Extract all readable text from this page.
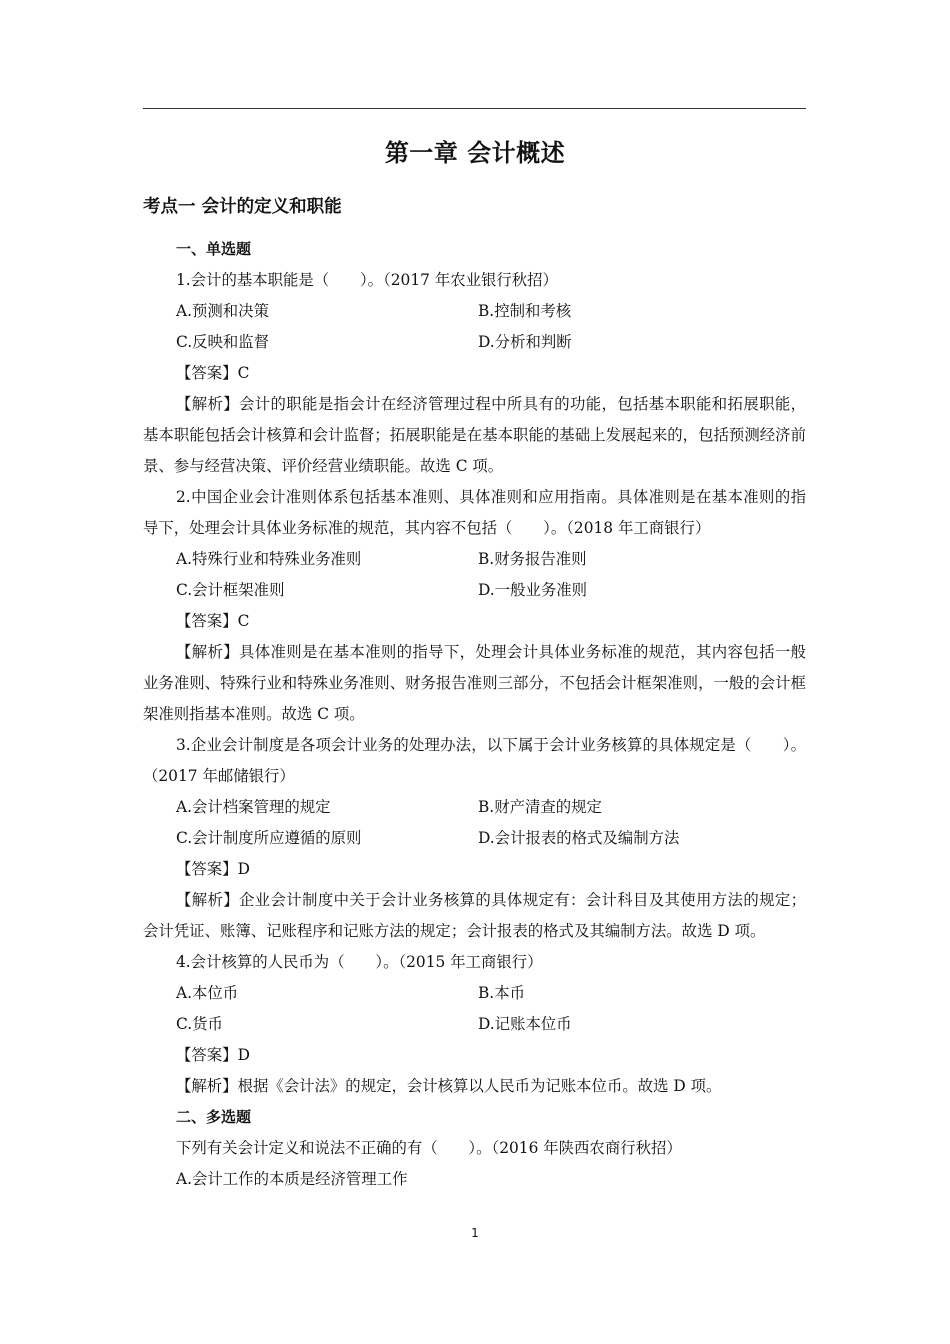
第一章 会计概述
考点一 会计的定义和职能
一、单选题
1.会计的基本职能是（　　）。（2017 年农业银行秋招）
A.预测和决策	B.控制和考核
C.反映和监督	D.分析和判断
【答案】C

【解析】会计的职能是指会计在经济管理过程中所具有的功能，包括基本职能和拓展职能，基本职能包括会计核算和会计监督；拓展职能是在基本职能的基础上发展起来的，包括预测经济前景、参与经营决策、评价经营业绩职能。故选 C 项。

2.中国企业会计准则体系包括基本准则、具体准则和应用指南。具体准则是在基本准则的指导下，处理会计具体业务标准的规范，其内容不包括（　　）。（2018 年工商银行）

A.特殊行业和特殊业务准则	B.财务报告准则
C.会计框架准则	D.一般业务准则
【答案】C

【解析】具体准则是在基本准则的指导下，处理会计具体业务标准的规范，其内容包括一般业务准则、特殊行业和特殊业务准则、财务报告准则三部分，不包括会计框架准则，一般的会计框架准则指基本准则。故选 C 项。

3.企业会计制度是各项会计业务的处理办法，以下属于会计业务核算的具体规定是（　　）。（2017 年邮储银行）

A.会计档案管理的规定	B.财产清查的规定
C.会计制度所应遵循的原则	D.会计报表的格式及编制方法
【答案】D

【解析】企业会计制度中关于会计业务核算的具体规定有：会计科目及其使用方法的规定；会计凭证、账簿、记账程序和记账方法的规定；会计报表的格式及其编制方法。故选 D 项。

4.会计核算的人民币为（　　）。（2015 年工商银行）
A.本位币	B.本币
C.货币	D.记账本位币
【答案】D
【解析】根据《会计法》的规定，会计核算以人民币为记账本位币。故选 D 项。
二、多选题
下列有关会计定义和说法不正确的有（　　）。（2016 年陕西农商行秋招）
A.会计工作的本质是经济管理工作
1
